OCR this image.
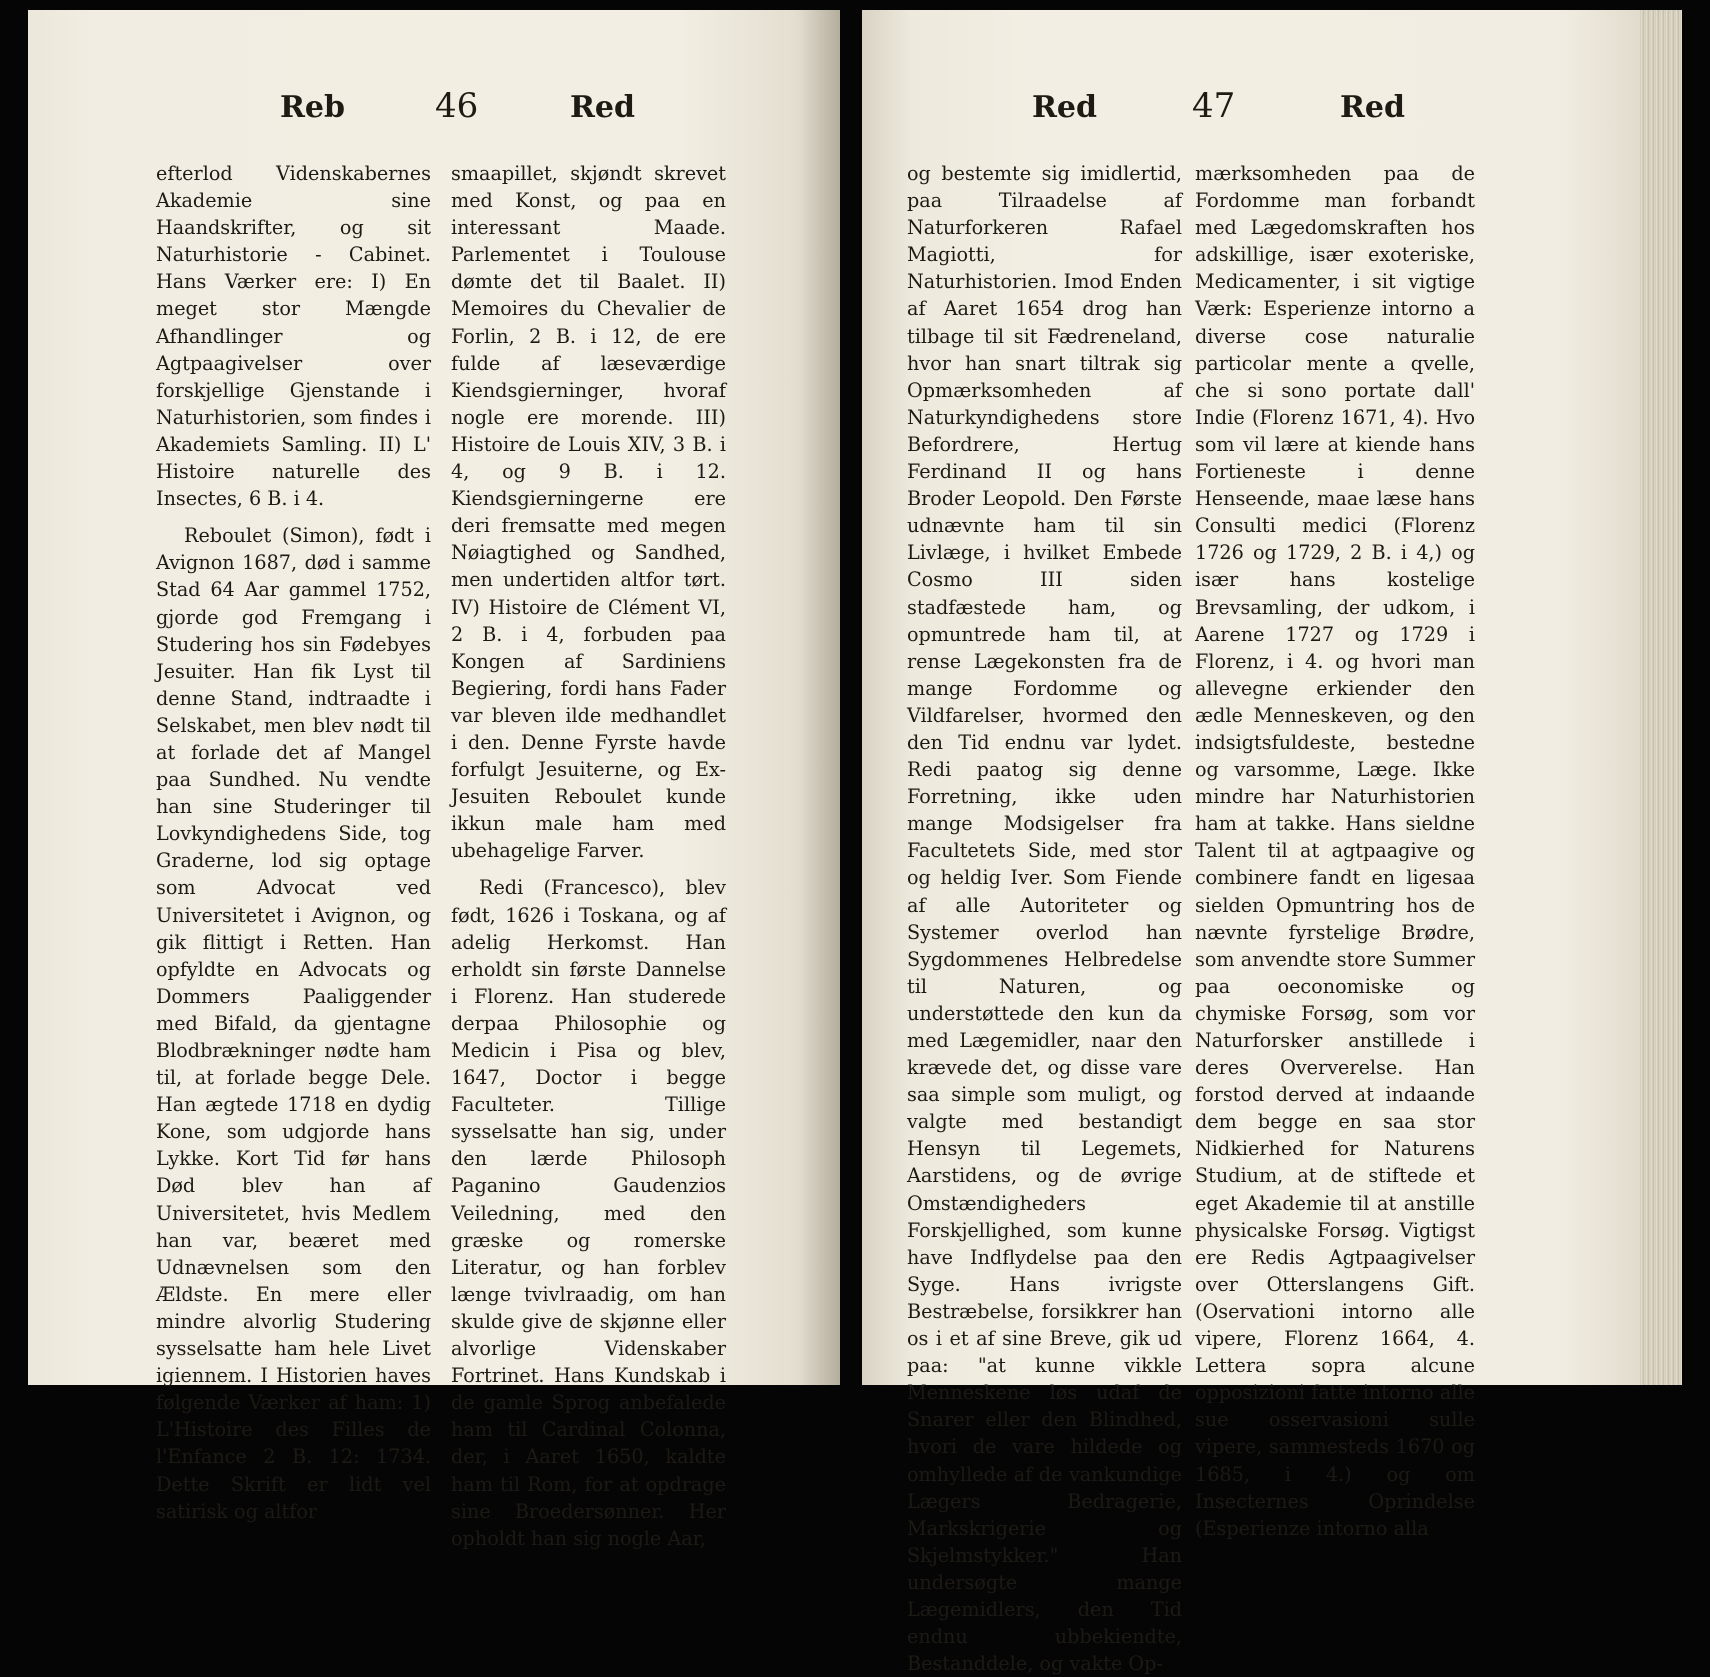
Reb	46	Red

efterlod Videnskabernes Akademie sine Haandskrifter, og sit Naturhistorie - Cabinet. Hans Værker ere: I) En meget stor Mængde Afhandlinger og Agtpaagivelser over forskjellige Gjenstande i Naturhistorien, som findes i Akademiets Samling. II) L' Histoire naturelle des Insectes, 6 B. i 4.

Reboulet (Simon), født i Avignon 1687, død i samme Stad 64 Aar gammel 1752, gjorde god Fremgang i Studering hos sin Fødebyes Jesuiter. Han fik Lyst til denne Stand, indtraadte i Selskabet, men blev nødt til at forlade det af Mangel paa Sundhed. Nu vendte han sine Studeringer til Lovkyndighedens Side, tog Graderne, lod sig optage som Advocat ved Universitetet i Avignon, og gik flittigt i Retten. Han opfyldte en Advocats og Dommers Paaliggender med Bifald, da gjentagne Blodbrækninger nødte ham til, at forlade begge Dele. Han ægtede 1718 en dydig Kone, som udgjorde hans Lykke. Kort Tid før hans Død blev han af Universitetet, hvis Medlem han var, beæret med Udnævnelsen som den Ældste. En mere eller mindre alvorlig Studering sysselsatte ham hele Livet igiennem. I Historien haves følgende Værker af ham: 1) L'Histoire des Filles de l'Enfance 2 B. 12: 1734. Dette Skrift er lidt vel satirisk og altfor

smaapillet, skjøndt skrevet med Konst, og paa en interessant Maade. Parlementet i Toulouse dømte det til Baalet. II) Memoires du Chevalier de Forlin, 2 B. i 12, de ere fulde af læseværdige Kiendsgierninger, hvoraf nogle ere morende. III) Histoire de Louis XIV, 3 B. i 4, og 9 B. i 12. Kiendsgierningerne ere deri fremsatte med megen Nøiagtighed og Sandhed, men undertiden altfor tørt. IV) Histoire de Clément VI, 2 B. i 4, forbuden paa Kongen af Sardiniens Begiering, fordi hans Fader var bleven ilde medhandlet i den. Denne Fyrste havde forfulgt Jesuiterne, og Ex-Jesuiten Reboulet kunde ikkun male ham med ubehagelige Farver.

Redi (Francesco), blev født, 1626 i Toskana, og af adelig Herkomst. Han erholdt sin første Dannelse i Florenz. Han studerede derpaa Philosophie og Medicin i Pisa og blev, 1647, Doctor i begge Faculteter. Tillige sysselsatte han sig, under den lærde Philosoph Paganino Gaudenzios Veiledning, med den græske og romerske Literatur, og han forblev længe tvivlraadig, om han skulde give de skjønne eller alvorlige Videnskaber Fortrinet. Hans Kundskab i de gamle Sprog anbefalede ham til Cardinal Colonna, der, i Aaret 1650, kaldte ham til Rom, for at opdrage sine Broedersønner. Her opholdt han sig nogle Aar,

Red	47	Red

og bestemte sig imidlertid, paa Tilraadelse af Naturforkeren Rafael Magiotti, for Naturhistorien. Imod Enden af Aaret 1654 drog han tilbage til sit Fædreneland, hvor han snart tiltrak sig Opmærksomheden af Naturkyndighedens store Befordrere, Hertug Ferdinand II og hans Broder Leopold. Den Første udnævnte ham til sin Livlæge, i hvilket Embede Cosmo III siden stadfæstede ham, og opmuntrede ham til, at rense Lægekonsten fra de mange Fordomme og Vildfarelser, hvormed den den Tid endnu var lydet. Redi paatog sig denne Forretning, ikke uden mange Modsigelser fra Facultetets Side, med stor og heldig Iver. Som Fiende af alle Autoriteter og Systemer overlod han Sygdommenes Helbredelse til Naturen, og understøttede den kun da med Lægemidler, naar den krævede det, og disse vare saa simple som muligt, og valgte med bestandigt Hensyn til Legemets, Aarstidens, og de øvrige Omstændigheders Forskjellighed, som kunne have Indflydelse paa den Syge. Hans ivrigste Bestræbelse, forsikkrer han os i et af sine Breve, gik ud paa: "at kunne vikkle Menneskene løs udaf de Snarer eller den Blindhed, hvori de vare hildede og omhyllede af de vankundige Lægers Bedragerie, Markskrigerie og Skjelmstykker." Han undersøgte mange Lægemidlers, den Tid endnu ubbekiendte, Bestanddele, og vakte Op-

mærksomheden paa de Fordomme man forbandt med Lægedomskraften hos adskillige, især exoteriske, Medicamenter, i sit vigtige Værk: Esperienze intorno a diverse cose naturalie particolar mente a qvelle, che si sono portate dall' Indie (Florenz 1671, 4). Hvo som vil lære at kiende hans Fortieneste i denne Henseende, maae læse hans Consulti medici (Florenz 1726 og 1729, 2 B. i 4,) og især hans kostelige Brevsamling, der udkom, i Aarene 1727 og 1729 i Florenz, i 4. og hvori man allevegne erkiender den ædle Menneskeven, og den indsigtsfuldeste, bestedne og varsomme, Læge. Ikke mindre har Naturhistorien ham at takke. Hans sieldne Talent til at agtpaagive og combinere fandt en ligesaa sielden Opmuntring hos de nævnte fyrstelige Brødre, som anvendte store Summer paa oeconomiske og chymiske Forsøg, som vor Naturforsker anstillede i deres Oververelse. Han forstod derved at indaande dem begge en saa stor Nidkierhed for Naturens Studium, at de stiftede et eget Akademie til at anstille physicalske Forsøg. Vigtigst ere Redis Agtpaagivelser over Otterslangens Gift. (Oservationi intorno alle vipere, Florenz 1664, 4. Lettera sopra alcune opposizioni fatte intorno alle sue osservasioni sulle vipere, sammesteds 1670 og 1685, i 4.) og om Insecternes Oprindelse (Esperienze intorno alla
